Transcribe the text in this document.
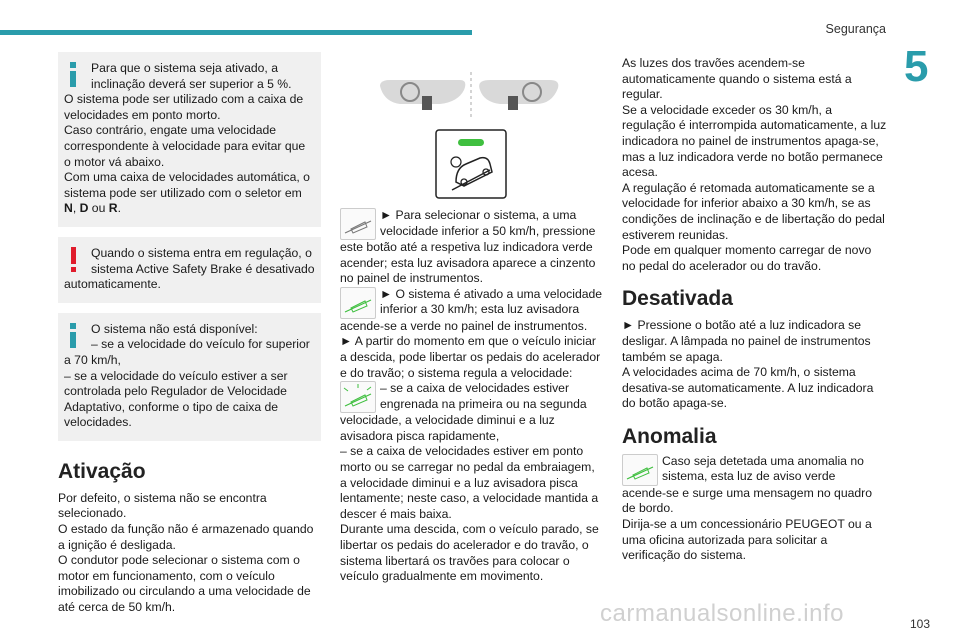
Segurança
5

Para que o sistema seja ativado, a

inclinação deverá ser superior a 5 %.

O sistema pode ser utilizado com a caixa de velocidades em ponto morto.

Caso contrário, engate uma velocidade correspondente à velocidade para evitar que o motor vá abaixo.

Com uma caixa de velocidades automática, o sistema pode ser utilizado com o seletor em N, D ou R.

Quando o sistema entra em regulação, o

sistema Active Safety Brake é desativado

automaticamente.

O sistema não está disponível:

– se a velocidade do veículo for superior

a 70 km/h,

– se a velocidade do veículo estiver a ser controlada pelo Regulador de Velocidade Adaptativo, conforme o tipo de caixa de velocidades.

Ativação

Por defeito, o sistema não se encontra selecionado.

O estado da função não é armazenado quando a ignição é desligada.

O condutor pode selecionar o sistema com o motor em funcionamento, com o veículo imobilizado ou circulando a uma velocidade de até cerca de 50 km/h.

► Para selecionar o sistema, a uma velocidade inferior a 50 km/h, pressione

este botão até a respetiva luz indicadora verde acender; esta luz avisadora aparece a cinzento no painel de instrumentos.

► O sistema é ativado a uma velocidade inferior a 30 km/h; esta luz avisadora

acende-se a verde no painel de instrumentos.

► A partir do momento em que o veículo iniciar a descida, pode libertar os pedais do acelerador e do travão; o sistema regula a velocidade:

– se a caixa de velocidades estiver engrenada na primeira ou na segunda

velocidade, a velocidade diminui e a luz avisadora pisca rapidamente,

– se a caixa de velocidades estiver em ponto morto ou se carregar no pedal da embraiagem, a velocidade diminui e a luz avisadora pisca lentamente; neste caso, a velocidade mantida a descer é mais baixa.

Durante uma descida, com o veículo parado, se libertar os pedais do acelerador e do travão, o sistema libertará os travões para colocar o veículo gradualmente em movimento.

As luzes dos travões acendem-se automaticamente quando o sistema está a regular.

Se a velocidade exceder os 30 km/h, a regulação é interrompida automaticamente, a luz indicadora no painel de instrumentos apaga-se, mas a luz indicadora verde no botão permanece acesa.

A regulação é retomada automaticamente se a velocidade for inferior abaixo a 30 km/h, se as condições de inclinação e de libertação do pedal estiverem reunidas.

Pode em qualquer momento carregar de novo no pedal do acelerador ou do travão.

Desativada

► Pressione o botão até a luz indicadora se desligar. A lâmpada no painel de instrumentos também se apaga.

A velocidades acima de 70 km/h, o sistema desativa-se automaticamente. A luz indicadora do botão apaga-se.

Anomalia

Caso seja detetada uma anomalia no sistema, esta luz de aviso verde

acende-se e surge uma mensagem no quadro de bordo.

Dirija-se a um concessionário PEUGEOT ou a uma oficina autorizada para solicitar a verificação do sistema.

carmanualsonline.info	103
